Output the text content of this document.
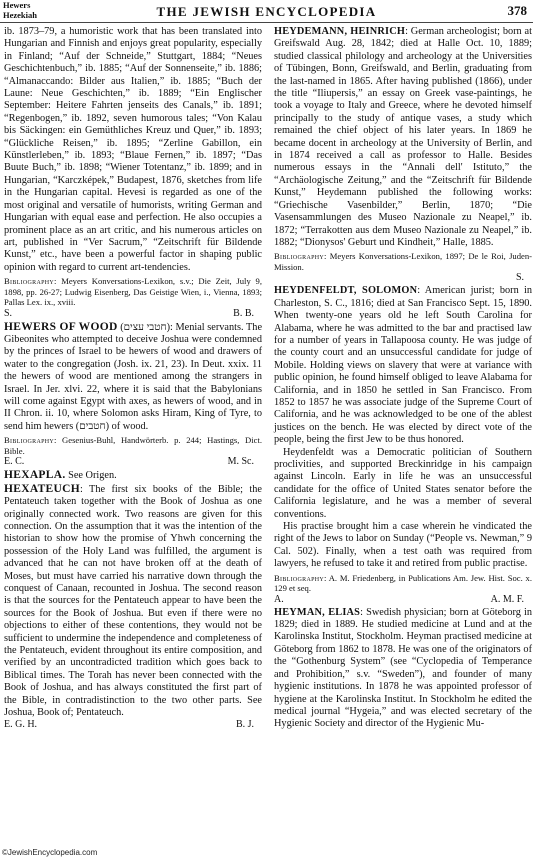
Hewers
Hezekiah	THE JEWISH ENCYCLOPEDIA	378

ib. 1873–79, a humoristic work that has been translated into Hungarian and Finnish and enjoys great popularity, especially in Finland; “Auf der Schneide,” Stuttgart, 1884; “Neues Geschichtenbuch,” ib. 1885; “Auf der Sonnenseite,” ib. 1886; “Almanaccando: Bilder aus Italien,” ib. 1885; “Buch der Laune: Neue Geschichten,” ib. 1889; “Ein Englischer September: Heitere Fahrten jenseits des Canals,” ib. 1891; “Regenbogen,” ib. 1892, seven humorous tales; “Von Kalau bis Säckingen: ein Gemüthliches Kreuz und Quer,” ib. 1893; “Glückliche Reisen,” ib. 1895; “Zerline Gabillon, ein Künstlerleben,” ib. 1893; “Blaue Fernen,” ib. 1897; “Das Buute Buch,” ib. 1898; “Wiener Totentanz,” ib. 1899; and in Hungarian, “Karczképek,” Budapest, 1876, sketches from life in the Hungarian capital. Hevesi is regarded as one of the most original and versatile of humorists, writing German and Hungarian with equal ease and perfection. He also occupies a prominent place as an art critic, and his numerous articles on art, published in “Ver Sacrum,” “Zeitschrift für Bildende Kunst,” etc., have been a powerful factor in shaping public opinion with regard to current art-tendencies.

Bibliography: Meyers Konversations-Lexikon, s.v.; Die Zeit, July 9, 1898, pp. 26-27; Ludwig Eisenberg, Das Geistige Wien, i., Vienna, 1893; Pallas Lex. ix., xviii.
S.	B. B.

HEWERS OF WOOD (חטבי עצים): Menial servants. The Gibeonites who attempted to deceive Joshua were condemned by the princes of Israel to be hewers of wood and drawers of water to the congregation (Josh. ix. 21, 23). In Deut. xxix. 11 the hewers of wood are mentioned among the strangers in Israel. In Jer. xlvi. 22, where it is said that the Babylonians will come against Egypt with axes, as hewers of wood, and in II Chron. ii. 10, where Solomon asks Hiram, King of Tyre, to send him hewers (חטבים) of wood.

Bibliography: Gesenius-Buhl, Handwörterb. p. 244; Hastings, Dict. Bible.
E. C.	M. Sc.

HEXAPLA. See Origen.

HEXATEUCH: The first six books of the Bible; the Pentateuch taken together with the Book of Joshua as one originally connected work. Two reasons are given for this connection. On the assumption that it was the intention of the historian to show how the promise of Yhwh concerning the possession of the Holy Land was fulfilled, the argument is advanced that he can not have broken off at the death of Moses, but must have carried his narrative down through the conquest of Canaan, recounted in Joshua. The second reason is that the sources for the Pentateuch appear to have been the sources for the Book of Joshua. But even if there were no objections to either of these contentions, they would not be sufficient to undermine the independence and completeness of the Pentateuch, evident throughout its entire composition, and verified by an uncontradicted tradition which goes back to Biblical times. The Torah has never been connected with the Book of Joshua, and has always constituted the first part of the Bible, in contradistinction to the two other parts. See Joshua, Book of; Pentateuch.

E. G. H.	B. J.

HEYDEMANN, HEINRICH: German archeologist; born at Greifswald Aug. 28, 1842; died at Halle Oct. 10, 1889; studied classical philology and archeology at the Universities of Tübingen, Bonn, Greifswald, and Berlin, graduating from the last-named in 1865. After having published (1866), under the title “Iliupersis,” an essay on Greek vase-paintings, he took a voyage to Italy and Greece, where he devoted himself principally to the study of antique vases, a study which remained the chief object of his later years. In 1869 he became docent in archeology at the University of Berlin, and in 1874 received a call as professor to Halle. Besides numerous essays in the “Annali dell' Istituto,” the “Archäologische Zeitung,” and the “Zeitschrift für Bildende Kunst,” Heydemann published the following works: “Griechische Vasenbilder,” Berlin, 1870; “Die Vasensammlungen des Museo Nazionale zu Neapel,” ib. 1872; “Terrakotten aus dem Museo Nazionale zu Neapel,” ib. 1882; “Dionysos' Geburt und Kindheit,” Halle, 1885.

Bibliography: Meyers Konversations-Lexikon, 1897; De le Roi, Juden-Mission.
S.

HEYDENFELDT, SOLOMON: American jurist; born in Charleston, S. C., 1816; died at San Francisco Sept. 15, 1890. When twenty-one years old he left South Carolina for Alabama, where he was admitted to the bar and practised law for a number of years in Tallapoosa county. He was judge of the county court and an unsuccessful candidate for judge of Mobile. Holding views on slavery that were at variance with public opinion, he found himself obliged to leave Alabama for California, and in 1850 he settled in San Francisco. From 1852 to 1857 he was associate judge of the Supreme Court of California, and he was acknowledged to be one of the ablest justices on the bench. He was elected by direct vote of the people, being the first Jew to be thus honored.

Heydenfeldt was a Democratic politician of Southern proclivities, and supported Breckinridge in his campaign against Lincoln. Early in life he was an unsuccessful candidate for the office of United States senator before the California legislature, and he was a member of several conventions.

His practise brought him a case wherein he vindicated the right of the Jews to labor on Sunday (“People vs. Newman,” 9 Cal. 502). Finally, when a test oath was required from lawyers, he refused to take it and retired from public practise.

Bibliography: A. M. Friedenberg, in Publications Am. Jew. Hist. Soc. x. 129 et seq.
A.	A. M. F.

HEYMAN, ELIAS: Swedish physician; born at Göteborg in 1829; died in 1889. He studied medicine at Lund and at the Karolinska Institut, Stockholm. Heyman practised medicine at Göteborg from 1862 to 1878. He was one of the originators of the “Gothenburg System” (see “Cyclopedia of Temperance and Prohibition,” s.v. “Sweden”), and founder of many hygienic institutions. In 1878 he was appointed professor of hygiene at the Karolinska Institut. In Stockholm he edited the medical journal “Hygeia,” and was elected secretary of the Hygienic Society and director of the Hygienic Mu-

©JewishEncyclopedia.com
